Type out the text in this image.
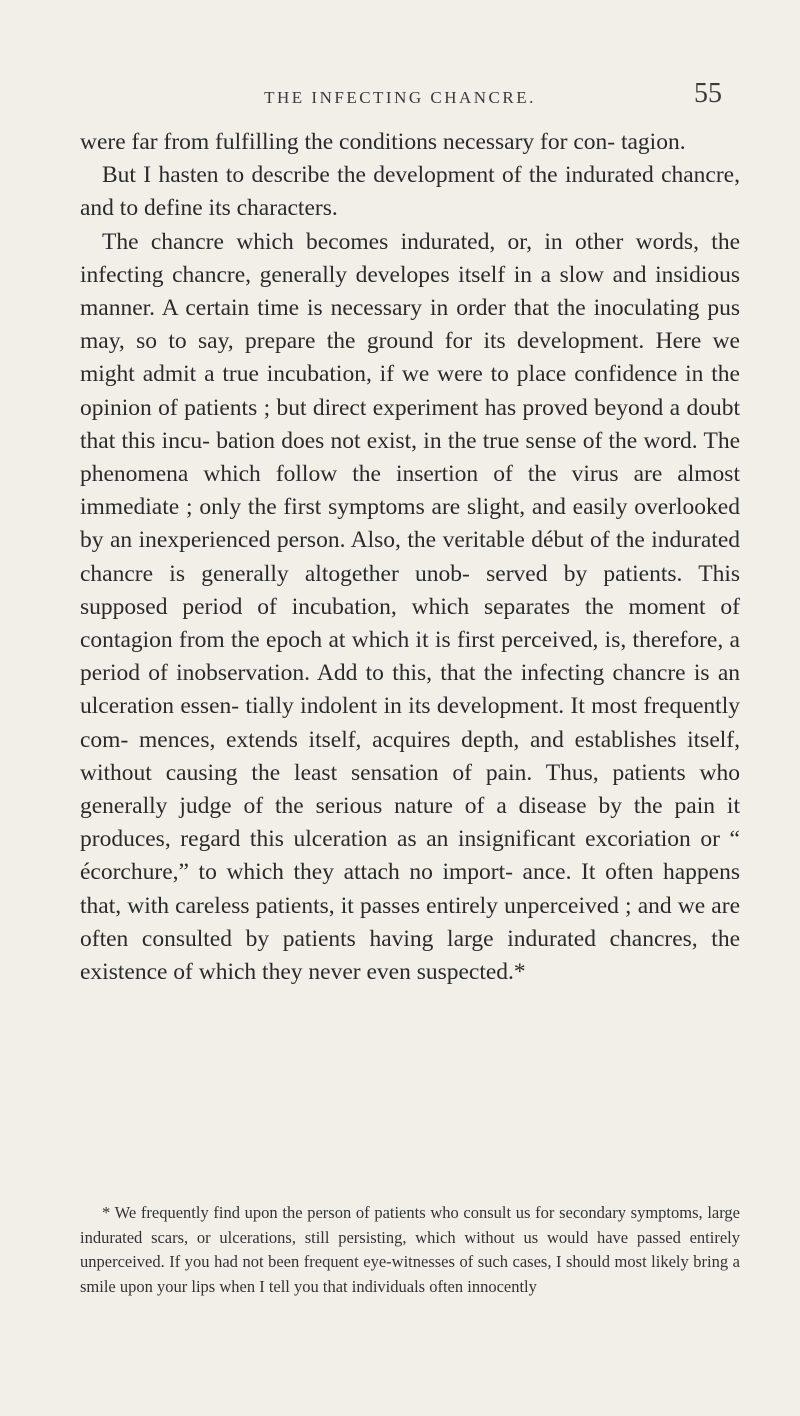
THE INFECTING CHANCRE.	55

were far from fulfilling the conditions necessary for con- tagion.

But I hasten to describe the development of the indurated chancre, and to define its characters.

The chancre which becomes indurated, or, in other words, the infecting chancre, generally developes itself in a slow and insidious manner. A certain time is necessary in order that the inoculating pus may, so to say, prepare the ground for its development. Here we might admit a true incubation, if we were to place confidence in the opinion of patients ; but direct experiment has proved beyond a doubt that this incu- bation does not exist, in the true sense of the word. The phenomena which follow the insertion of the virus are almost immediate ; only the first symptoms are slight, and easily overlooked by an inexperienced person. Also, the veritable début of the indurated chancre is generally altogether unob- served by patients. This supposed period of incubation, which separates the moment of contagion from the epoch at which it is first perceived, is, therefore, a period of inobservation. Add to this, that the infecting chancre is an ulceration essen- tially indolent in its development. It most frequently com- mences, extends itself, acquires depth, and establishes itself, without causing the least sensation of pain. Thus, patients who generally judge of the serious nature of a disease by the pain it produces, regard this ulceration as an insignificant excoriation or “ écorchure,” to which they attach no import- ance. It often happens that, with careless patients, it passes entirely unperceived ; and we are often consulted by patients having large indurated chancres, the existence of which they never even suspected.*

* We frequently find upon the person of patients who consult us for secondary symptoms, large indurated scars, or ulcerations, still persisting, which without us would have passed entirely unperceived. If you had not been frequent eye-witnesses of such cases, I should most likely bring a smile upon your lips when I tell you that individuals often innocently
